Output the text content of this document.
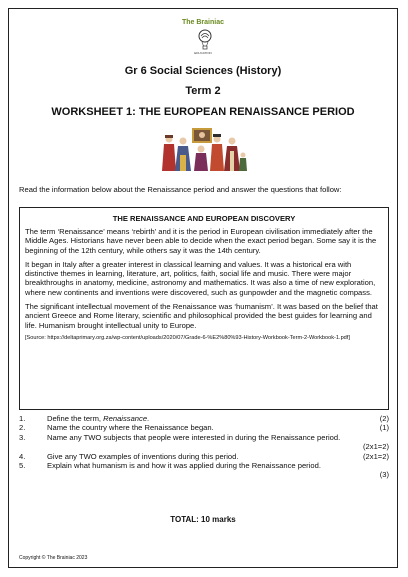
The Brainiac
EDUCATION
Gr 6 Social Sciences (History)
Term 2
WORKSHEET 1: THE EUROPEAN RENAISSANCE PERIOD
Read the information below about the Renaissance period and answer the questions that follow:
THE RENAISSANCE AND EUROPEAN DISCOVERY

The term ‘Renaissance’ means ‘rebirth’ and it is the period in European civilisation immediately after the Middle Ages. Historians have never been able to decide when the exact period began. Some say it is the beginning of the 12th century, while others say it was the 14th century.

It began in Italy after a greater interest in classical learning and values. It was a historical era with distinctive themes in learning, literature, art, politics, faith, social life and music. There were major breakthroughs in anatomy, medicine, astronomy and mathematics. It was also a time of new exploration, where new continents and inventions were discovered, such as gunpowder and the magnetic compass.

The significant intellectual movement of the Renaissance was ‘humanism’. It was based on the belief that ancient Greece and Rome literary, scientific and philosophical provided the best guides for learning and life. Humanism brought intellectual unity to Europe.

[Source: https://deltaprimary.org.za/wp-content/uploads/2020/07/Grade-6-%E2%80%93-History-Workbook-Term-2-Workbook-1.pdf]
1.	Define the term, Renaissance.	(2)
2.	Name the country where the Renaissance began.	(1)
3.	Name any TWO subjects that people were interested in during the Renaissance period.
(2x1=2)
4.	Give any TWO examples of inventions during this period.	(2x1=2)
5.	Explain what humanism is and how it was applied during the Renaissance period.
(3)
TOTAL: 10 marks
Copyright © The Brainiac 2023
